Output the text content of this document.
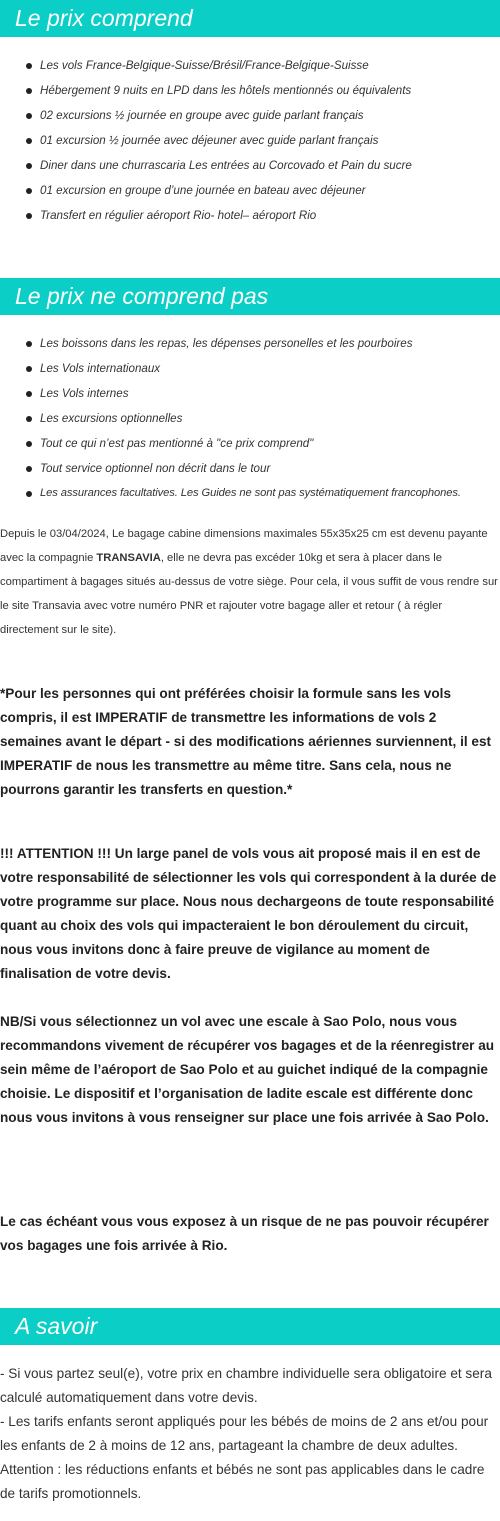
Le prix comprend
Les vols France-Belgique-Suisse/Brésil/France-Belgique-Suisse
Hébergement 9 nuits en LPD dans les hôtels mentionnés ou équivalents
02 excursions ½ journée en groupe avec guide parlant français
01 excursion ½ journée avec déjeuner avec guide parlant français
Diner dans une churrascaria Les entrées au Corcovado et Pain du sucre
01 excursion en groupe d’une journée en bateau avec déjeuner
Transfert en régulier aéroport Rio- hotel– aéroport Rio
Le prix ne comprend pas
Les boissons dans les repas, les dépenses personelles et les pourboires
Les Vols internationaux
Les Vols internes
Les excursions optionnelles
Tout ce qui n’est pas mentionné à "ce prix comprend"
Tout service optionnel non décrit dans le tour
Les assurances facultatives. Les Guides ne sont pas systématiquement francophones.

Depuis le 03/04/2024, Le bagage cabine dimensions maximales 55x35x25 cm est devenu payante avec la compagnie TRANSAVIA, elle ne devra pas excéder 10kg et sera à placer dans le compartiment à bagages situés au-dessus de votre siège. Pour cela, il vous suffit de vous rendre sur le site Transavia avec votre numéro PNR et rajouter votre bagage aller et retour ( à régler directement sur le site).

*Pour les personnes qui ont préférées choisir la formule sans les vols compris, il est IMPERATIF de transmettre les informations de vols 2 semaines avant le départ - si des modifications aériennes surviennent, il est IMPERATIF de nous les transmettre au même titre. Sans cela, nous ne pourrons garantir les transferts en question.*

!!! ATTENTION !!! Un large panel de vols vous ait proposé mais il en est de votre responsabilité de sélectionner les vols qui correspondent à la durée de votre programme sur place. Nous nous dechargeons de toute responsabilité quant au choix des vols qui impacteraient le bon déroulement du circuit, nous vous invitons donc à faire preuve de vigilance au moment de finalisation de votre devis.

NB/Si vous sélectionnez un vol avec une escale à Sao Polo, nous vous recommandons vivement de récupérer vos bagages et de la réenregistrer au sein même de l’aéroport de Sao Polo et au guichet indiqué de la compagnie choisie. Le dispositif et l’organisation de ladite escale est différente donc nous vous invitons à vous renseigner sur place une fois arrivée à Sao Polo.

Le cas échéant vous vous exposez à un risque de ne pas pouvoir récupérer vos bagages une fois arrivée à Rio.

A savoir

- Si vous partez seul(e), votre prix en chambre individuelle sera obligatoire et sera calculé automatiquement dans votre devis.

- Les tarifs enfants seront appliqués pour les bébés de moins de 2 ans et/ou pour les enfants de 2 à moins de 12 ans, partageant la chambre de deux adultes.

Attention : les réductions enfants et bébés ne sont pas applicables dans le cadre de tarifs promotionnels.
